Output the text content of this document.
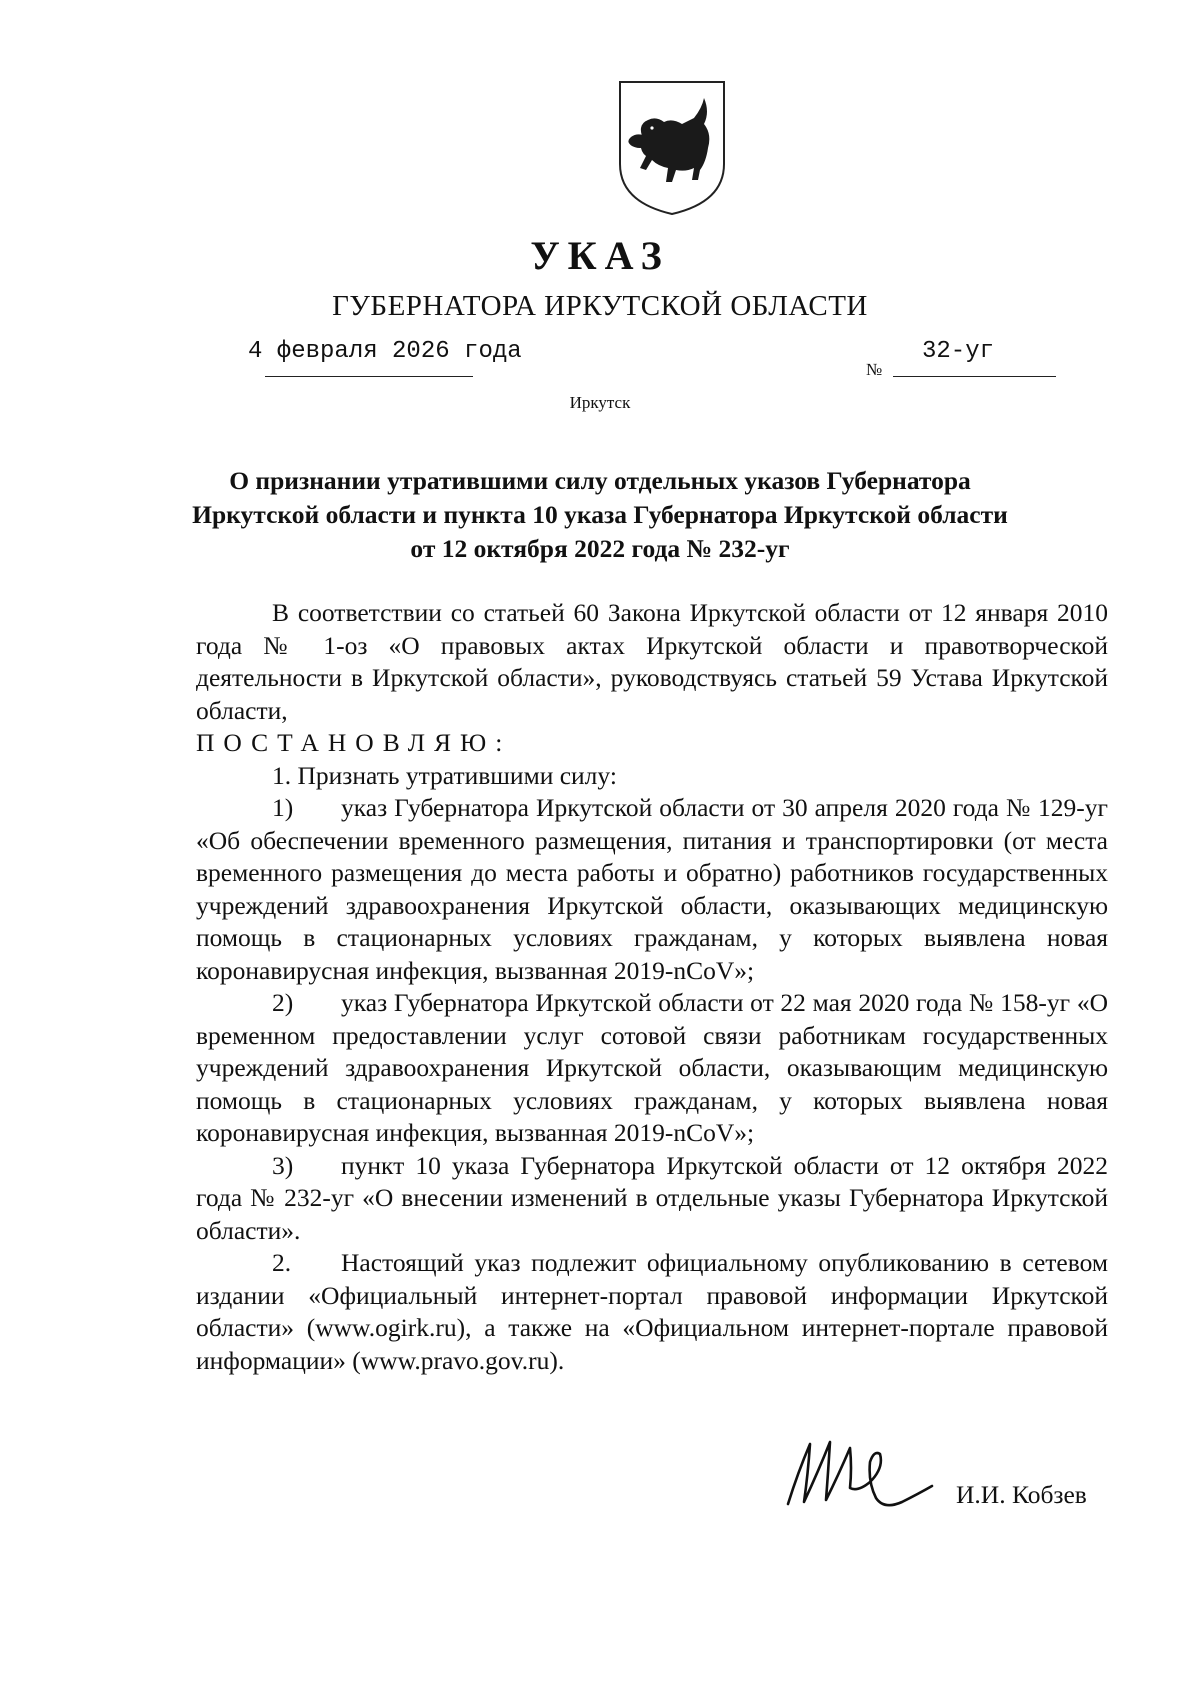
УКАЗ
ГУБЕРНАТОРА ИРКУТСКОЙ ОБЛАСТИ
4 февраля 2026 года
№
32-уг
Иркутск
О признании утратившими силу отдельных указов Губернатора
Иркутской области и пункта 10 указа Губернатора Иркутской области
от 12 октября 2022 года № 232-уг

В соответствии со статьей 60 Закона Иркутской области от 12 января 2010 года № 1-оз «О правовых актах Иркутской области и правотворческой деятельности в Иркутской области», руководствуясь статьей 59 Устава Иркутской области,

ПОСТАНОВЛЯЮ:

1. Признать утратившими силу:

1) указ Губернатора Иркутской области от 30 апреля 2020 года № 129-уг «Об обеспечении временного размещения, питания и транспортировки (от места временного размещения до места работы и обратно) работников государственных учреждений здравоохранения Иркутской области, оказывающих медицинскую помощь в стационарных условиях гражданам, у которых выявлена новая коронавирусная инфекция, вызванная 2019-nCoV»;

2) указ Губернатора Иркутской области от 22 мая 2020 года № 158-уг «О временном предоставлении услуг сотовой связи работникам государственных учреждений здравоохранения Иркутской области, оказывающим медицинскую помощь в стационарных условиях гражданам, у которых выявлена новая коронавирусная инфекция, вызванная 2019-nCoV»;

3) пункт 10 указа Губернатора Иркутской области от 12 октября 2022 года № 232-уг «О внесении изменений в отдельные указы Губернатора Иркутской области».

2. Настоящий указ подлежит официальному опубликованию в сетевом издании «Официальный интернет-портал правовой информации Иркутской области» (www.ogirk.ru), а также на «Официальном интернет-портале правовой информации» (www.pravo.gov.ru).

И.И. Кобзев
